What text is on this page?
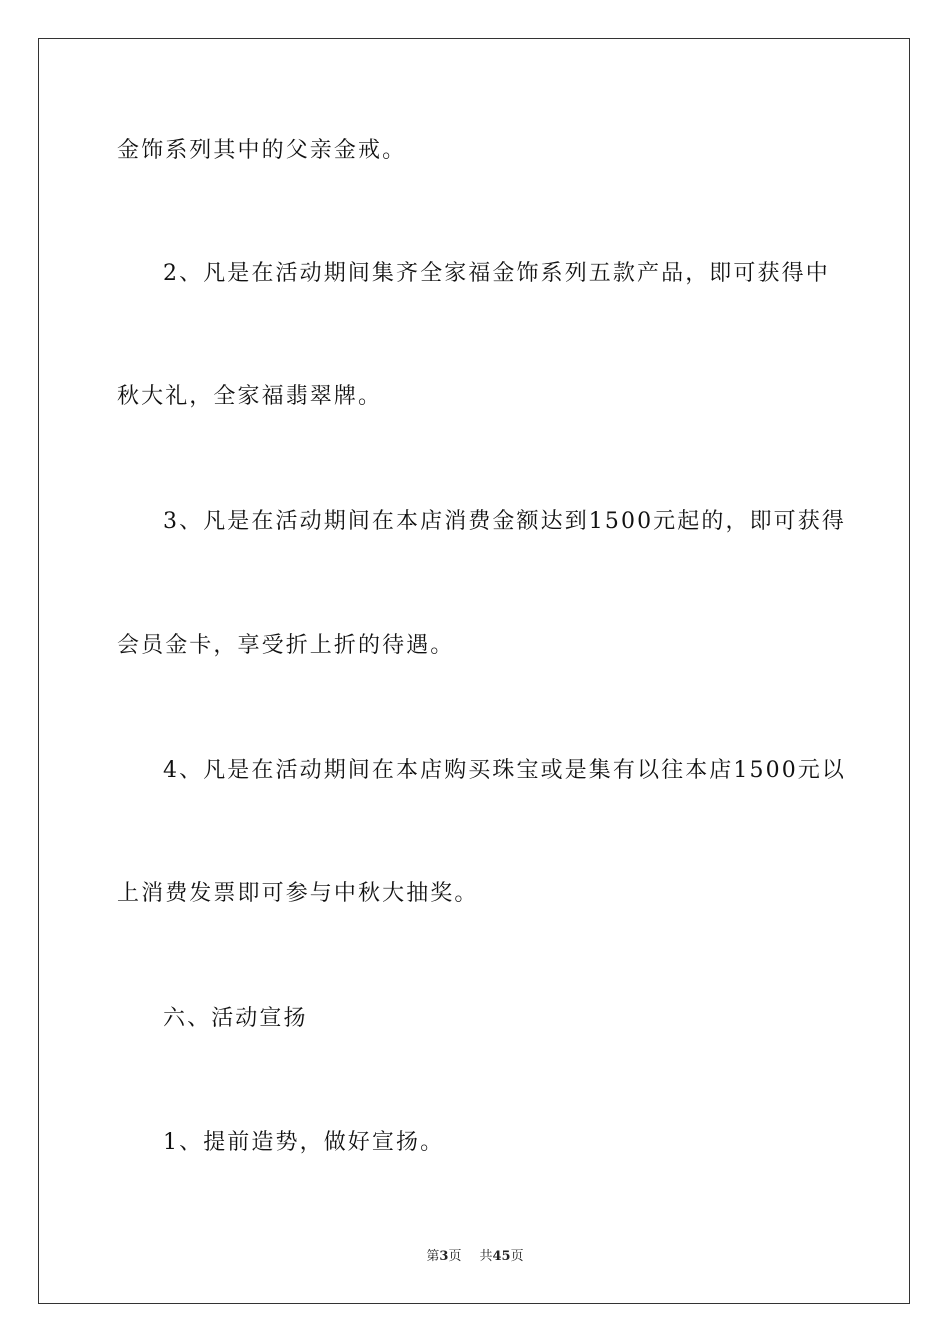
金饰系列其中的父亲金戒。
2、凡是在活动期间集齐全家福金饰系列五款产品，即可获得中
秋大礼，全家福翡翠牌。
3、凡是在活动期间在本店消费金额达到1500元起的，即可获得
会员金卡，享受折上折的待遇。
4、凡是在活动期间在本店购买珠宝或是集有以往本店1500元以
上消费发票即可参与中秋大抽奖。
六、活动宣扬
1、提前造势，做好宣扬。
第3页 共45页
